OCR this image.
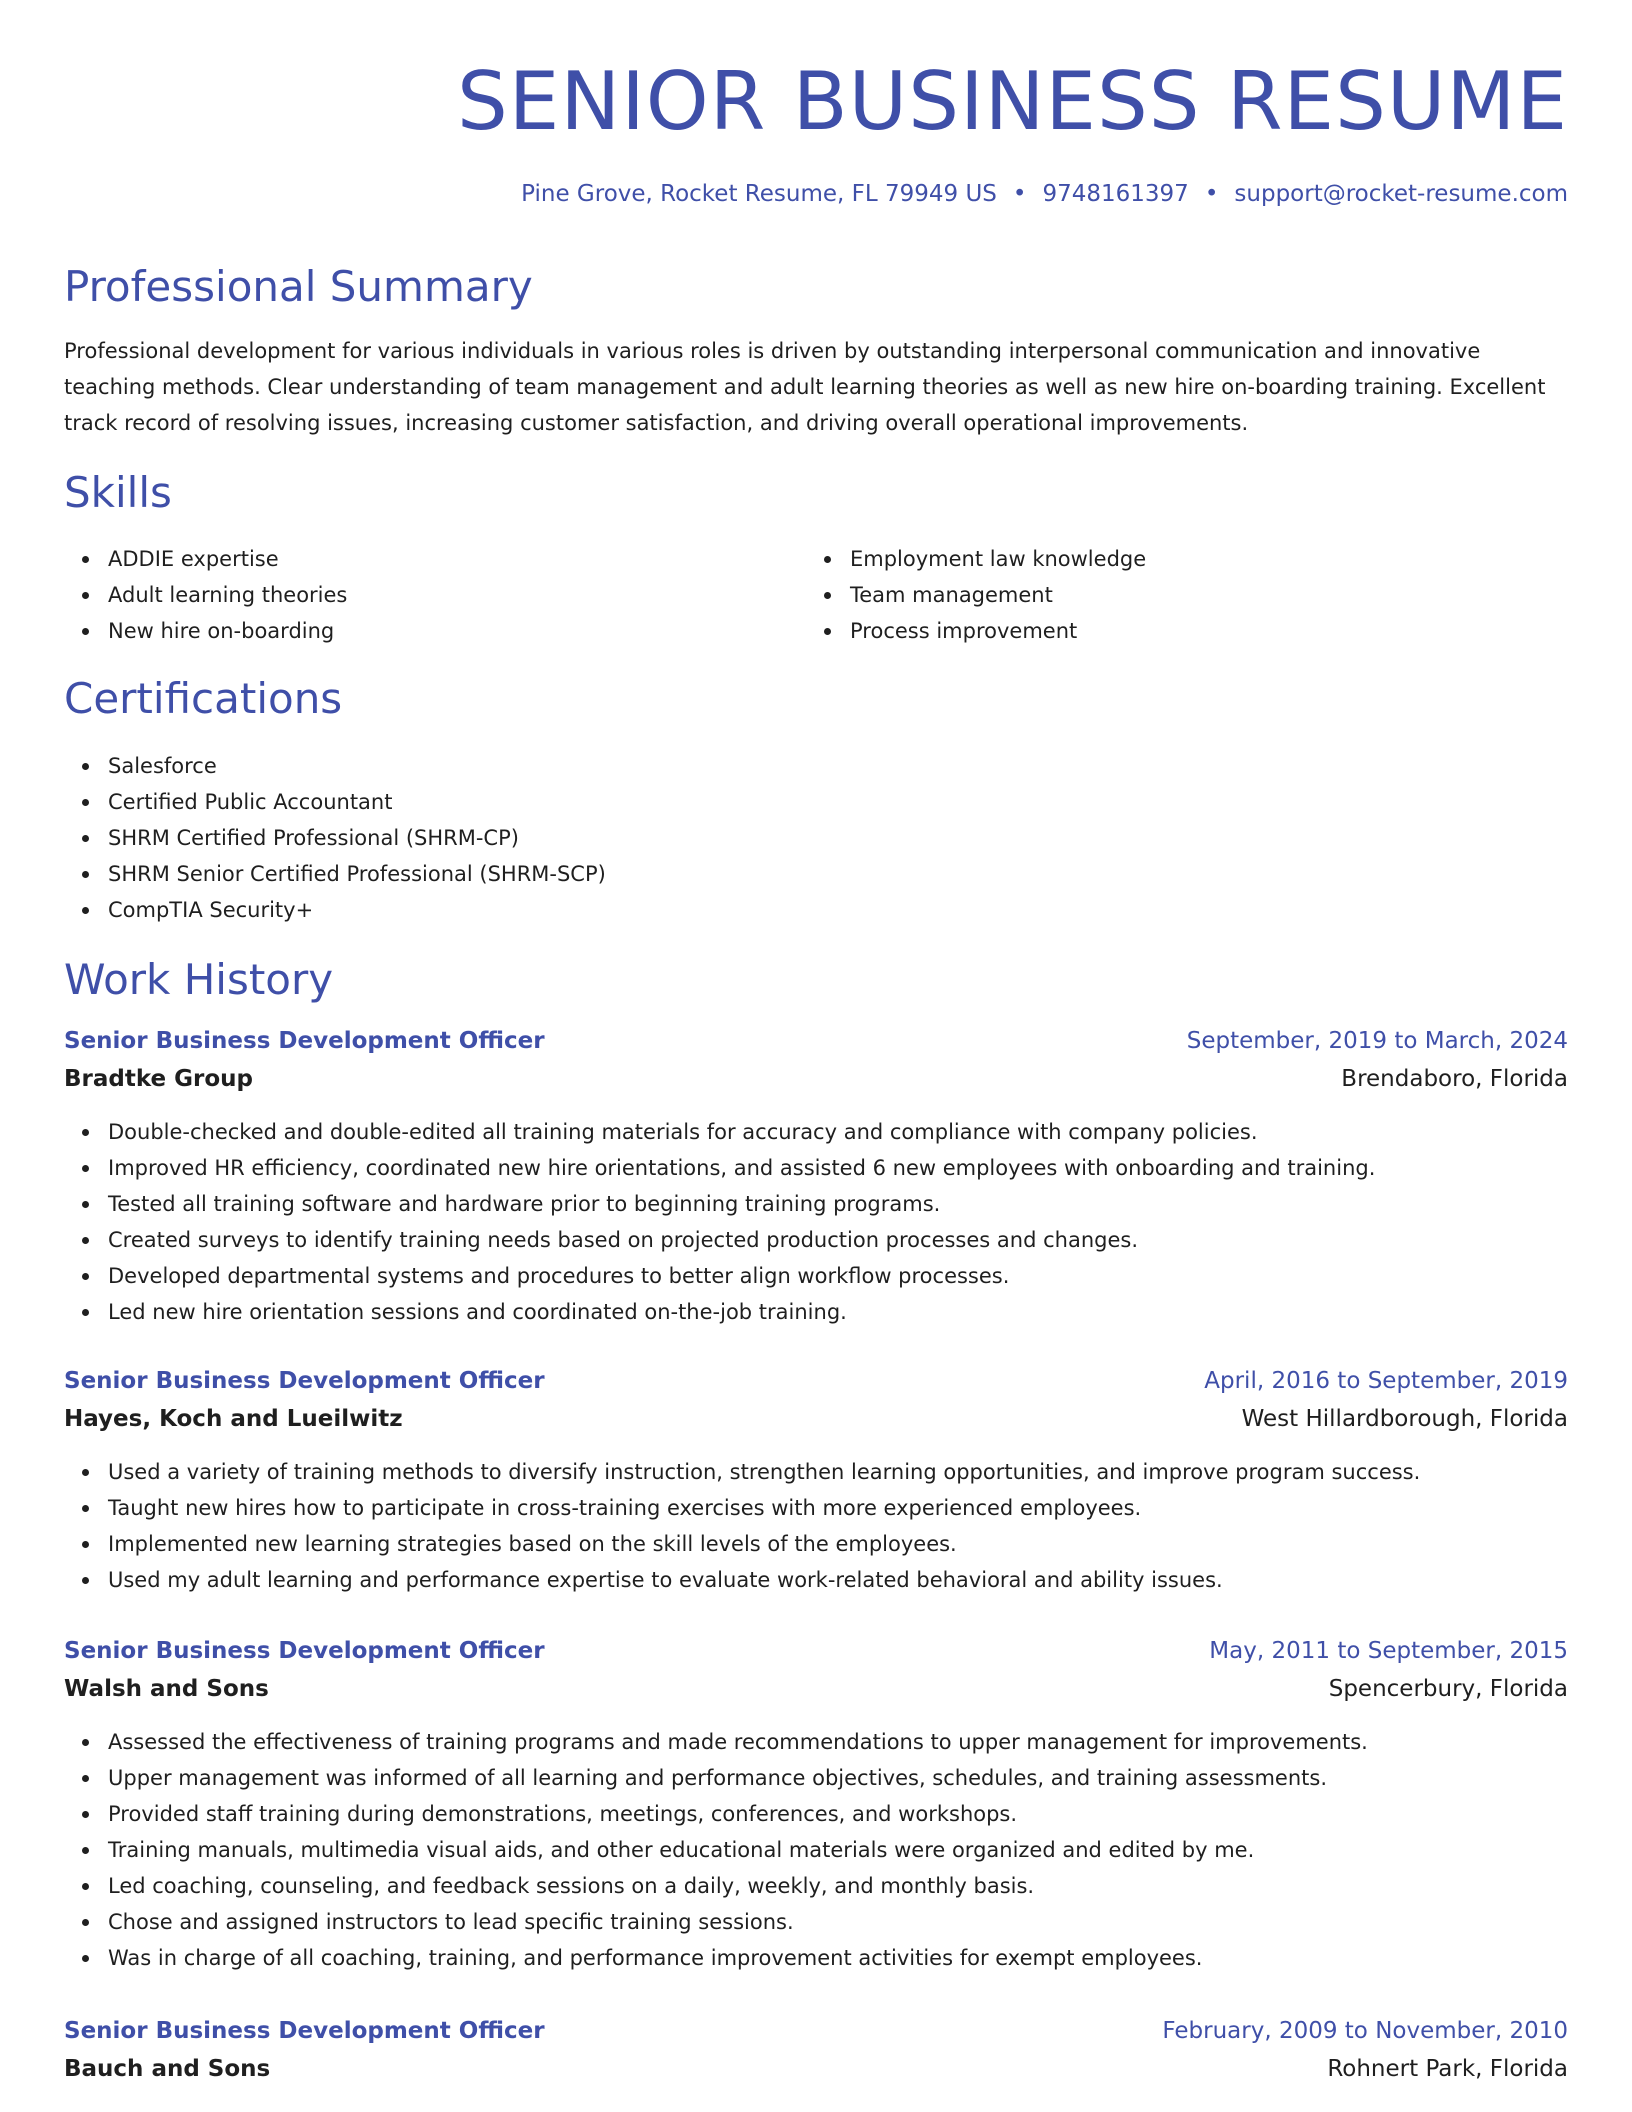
SENIOR BUSINESS RESUME
Pine Grove, Rocket Resume, FL 79949 US • 9748161397 • support@rocket-resume.com
Professional Summary

Professional development for various individuals in various roles is driven by outstanding interpersonal communication and innovative teaching methods. Clear understanding of team management and adult learning theories as well as new hire on-boarding training. Excellent track record of resolving issues, increasing customer satisfaction, and driving overall operational improvements.

Skills
ADDIE expertise
Adult learning theories
New hire on-boarding
Employment law knowledge
Team management
Process improvement
Certifications
Salesforce
Certified Public Accountant
SHRM Certified Professional (SHRM-CP)
SHRM Senior Certified Professional (SHRM-SCP)
CompTIA Security+
Work History
Senior Business Development Officer	September, 2019 to March, 2024
Bradtke Group	Brendaboro, Florida
Double-checked and double-edited all training materials for accuracy and compliance with company policies.
Improved HR efficiency, coordinated new hire orientations, and assisted 6 new employees with onboarding and training.
Tested all training software and hardware prior to beginning training programs.
Created surveys to identify training needs based on projected production processes and changes.
Developed departmental systems and procedures to better align workflow processes.
Led new hire orientation sessions and coordinated on-the-job training.
Senior Business Development Officer	April, 2016 to September, 2019
Hayes, Koch and Lueilwitz	West Hillardborough, Florida
Used a variety of training methods to diversify instruction, strengthen learning opportunities, and improve program success.
Taught new hires how to participate in cross-training exercises with more experienced employees.
Implemented new learning strategies based on the skill levels of the employees.
Used my adult learning and performance expertise to evaluate work-related behavioral and ability issues.
Senior Business Development Officer	May, 2011 to September, 2015
Walsh and Sons	Spencerbury, Florida
Assessed the effectiveness of training programs and made recommendations to upper management for improvements.
Upper management was informed of all learning and performance objectives, schedules, and training assessments.
Provided staff training during demonstrations, meetings, conferences, and workshops.
Training manuals, multimedia visual aids, and other educational materials were organized and edited by me.
Led coaching, counseling, and feedback sessions on a daily, weekly, and monthly basis.
Chose and assigned instructors to lead specific training sessions.
Was in charge of all coaching, training, and performance improvement activities for exempt employees.
Senior Business Development Officer	February, 2009 to November, 2010
Bauch and Sons	Rohnert Park, Florida
